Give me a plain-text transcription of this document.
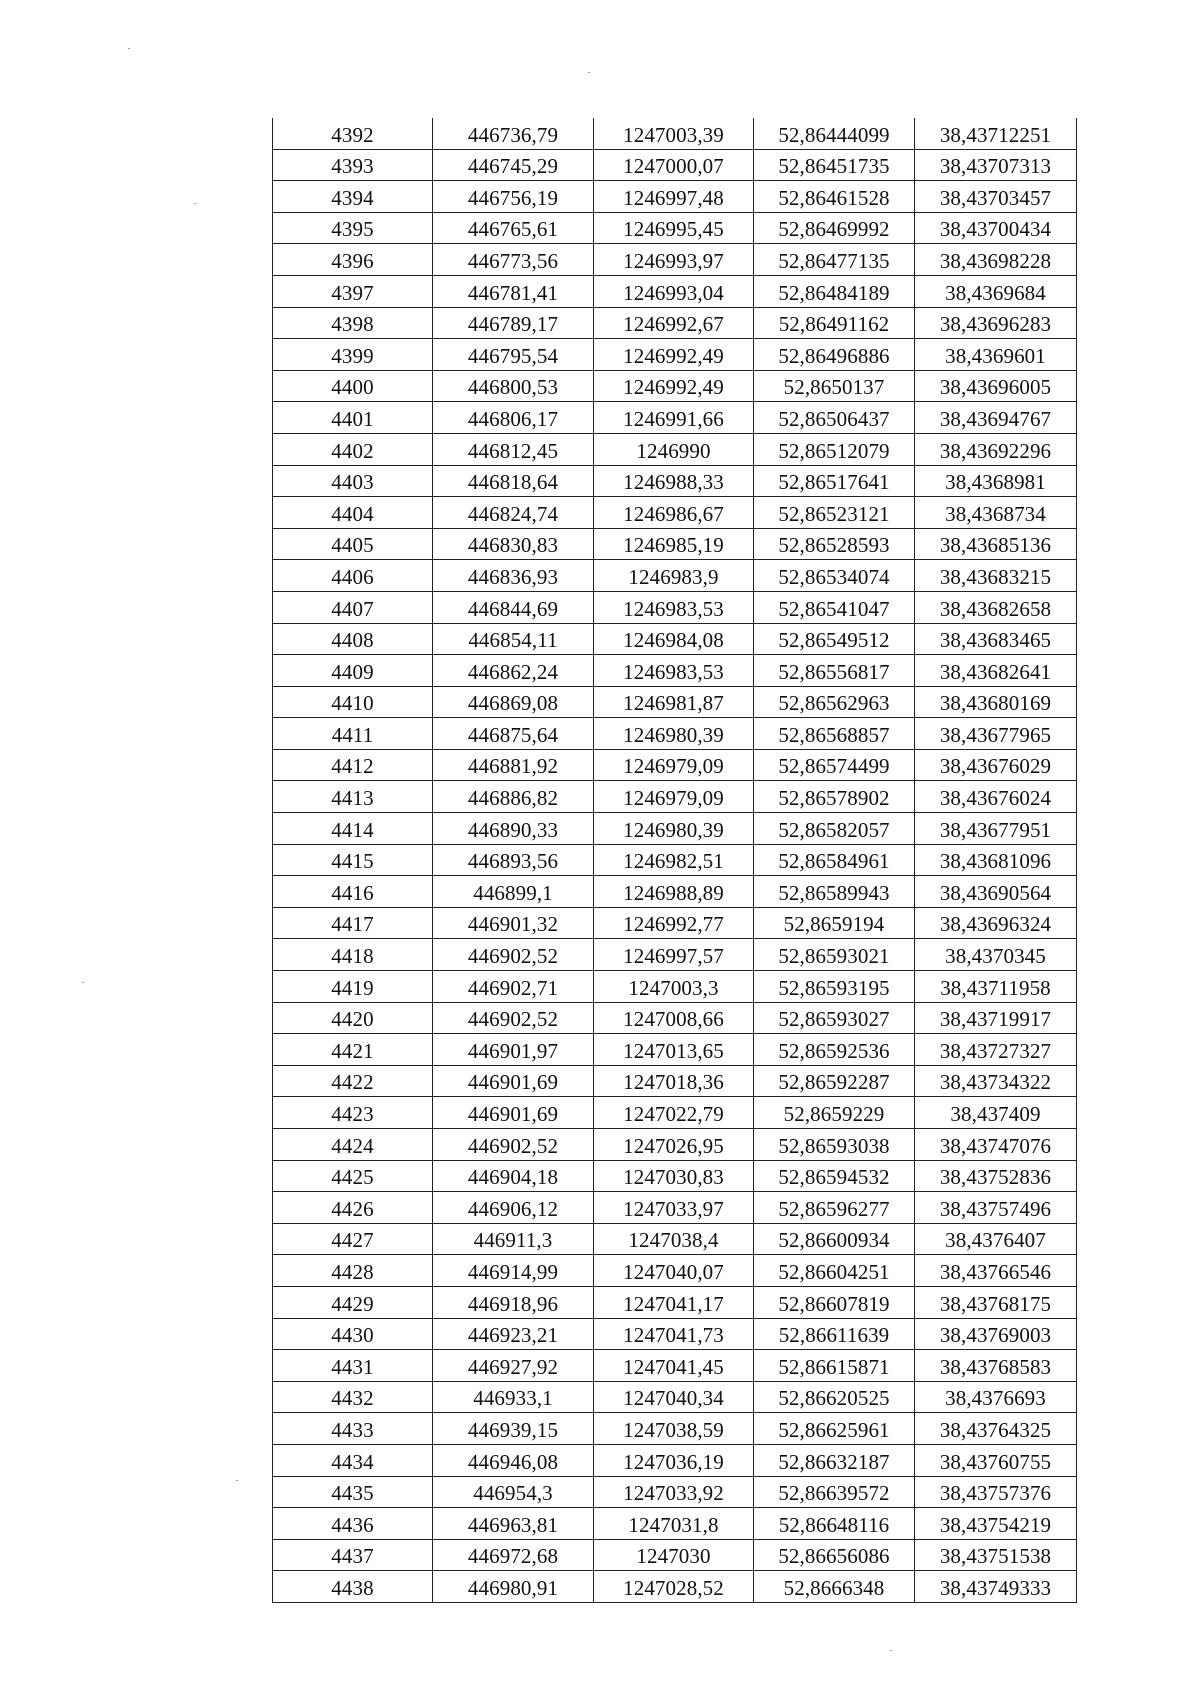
4392	446736,79	1247003,39	52,86444099	38,43712251
4393	446745,29	1247000,07	52,86451735	38,43707313
4394	446756,19	1246997,48	52,86461528	38,43703457
4395	446765,61	1246995,45	52,86469992	38,43700434
4396	446773,56	1246993,97	52,86477135	38,43698228
4397	446781,41	1246993,04	52,86484189	38,4369684
4398	446789,17	1246992,67	52,86491162	38,43696283
4399	446795,54	1246992,49	52,86496886	38,4369601
4400	446800,53	1246992,49	52,8650137	38,43696005
4401	446806,17	1246991,66	52,86506437	38,43694767
4402	446812,45	1246990	52,86512079	38,43692296
4403	446818,64	1246988,33	52,86517641	38,4368981
4404	446824,74	1246986,67	52,86523121	38,4368734
4405	446830,83	1246985,19	52,86528593	38,43685136
4406	446836,93	1246983,9	52,86534074	38,43683215
4407	446844,69	1246983,53	52,86541047	38,43682658
4408	446854,11	1246984,08	52,86549512	38,43683465
4409	446862,24	1246983,53	52,86556817	38,43682641
4410	446869,08	1246981,87	52,86562963	38,43680169
4411	446875,64	1246980,39	52,86568857	38,43677965
4412	446881,92	1246979,09	52,86574499	38,43676029
4413	446886,82	1246979,09	52,86578902	38,43676024
4414	446890,33	1246980,39	52,86582057	38,43677951
4415	446893,56	1246982,51	52,86584961	38,43681096
4416	446899,1	1246988,89	52,86589943	38,43690564
4417	446901,32	1246992,77	52,8659194	38,43696324
4418	446902,52	1246997,57	52,86593021	38,4370345
4419	446902,71	1247003,3	52,86593195	38,43711958
4420	446902,52	1247008,66	52,86593027	38,43719917
4421	446901,97	1247013,65	52,86592536	38,43727327
4422	446901,69	1247018,36	52,86592287	38,43734322
4423	446901,69	1247022,79	52,8659229	38,437409
4424	446902,52	1247026,95	52,86593038	38,43747076
4425	446904,18	1247030,83	52,86594532	38,43752836
4426	446906,12	1247033,97	52,86596277	38,43757496
4427	446911,3	1247038,4	52,86600934	38,4376407
4428	446914,99	1247040,07	52,86604251	38,43766546
4429	446918,96	1247041,17	52,86607819	38,43768175
4430	446923,21	1247041,73	52,86611639	38,43769003
4431	446927,92	1247041,45	52,86615871	38,43768583
4432	446933,1	1247040,34	52,86620525	38,4376693
4433	446939,15	1247038,59	52,86625961	38,43764325
4434	446946,08	1247036,19	52,86632187	38,43760755
4435	446954,3	1247033,92	52,86639572	38,43757376
4436	446963,81	1247031,8	52,86648116	38,43754219
4437	446972,68	1247030	52,86656086	38,43751538
4438	446980,91	1247028,52	52,8666348	38,43749333
